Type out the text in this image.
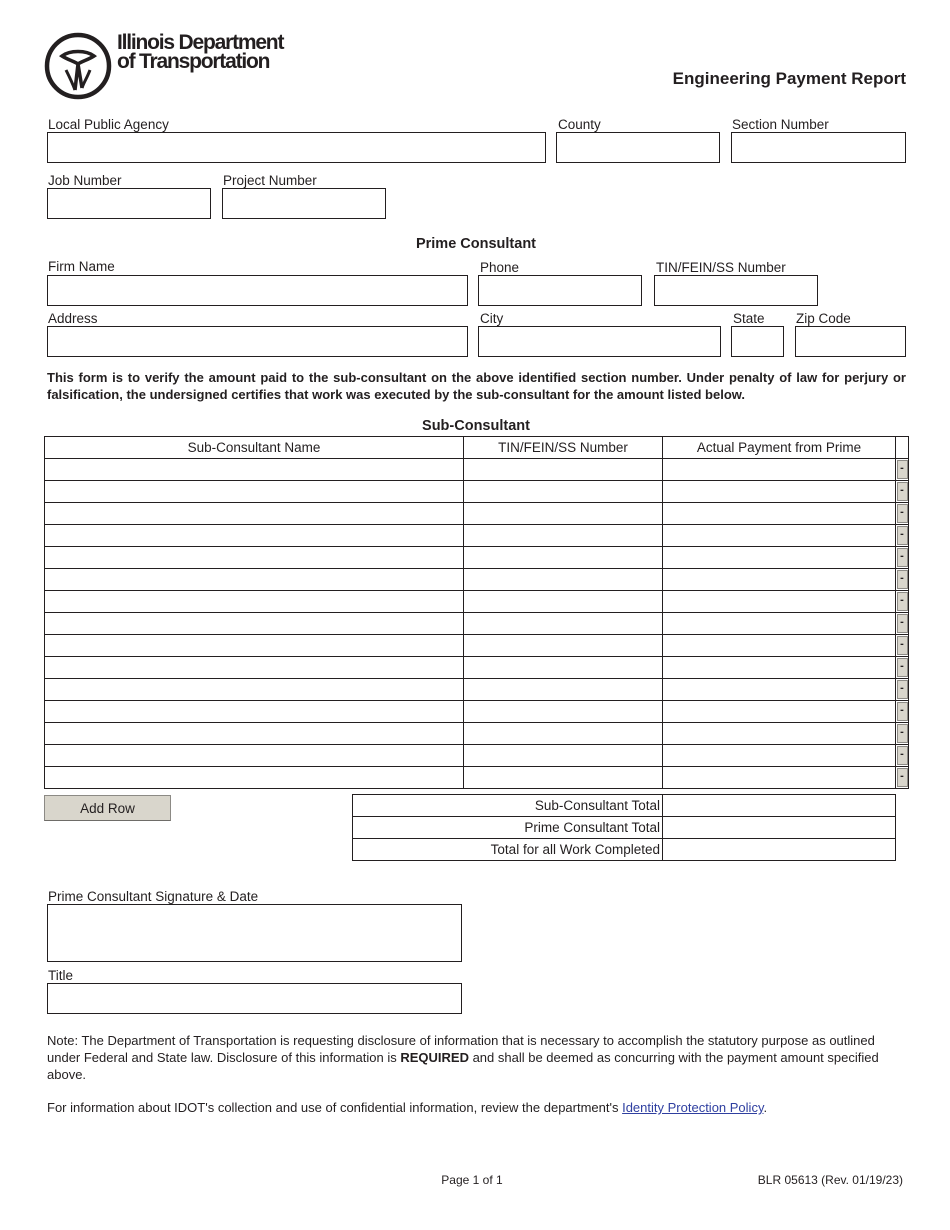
Illinois Department
of Transportation
Engineering Payment Report
Local Public Agency	County	Section Number
Job Number	Project Number
Prime Consultant
Firm Name	Phone	TIN/FEIN/SS Number
Address	City	State Zip Code
This form is to verify the amount paid to the sub-consultant on the above identified section number. Under penalty of law for perjury or falsification, the undersigned certifies that work was executed by the sub-consultant for the amount listed below.
Sub-Consultant
Sub-Consultant Name	TIN/FEIN/SS Number	Actual Payment from Prime	

			-

			-

			-

			-

			-

			-

			-

			-

			-

			-

			-

			-

			-

			-

			-
Add Row	Sub-Consultant Total	
Prime Consultant Total	
Total for all Work Completed	
Prime Consultant Signature & Date
Title
Note: The Department of Transportation is requesting disclosure of information that is necessary to accomplish the statutory purpose as outlined under Federal and State law. Disclosure of this information is REQUIRED and shall be deemed as concurring with the payment amount specified above.
For information about IDOT's collection and use of confidential information, review the department's Identity Protection Policy.
Page 1 of 1	BLR 05613 (Rev. 01/19/23)
